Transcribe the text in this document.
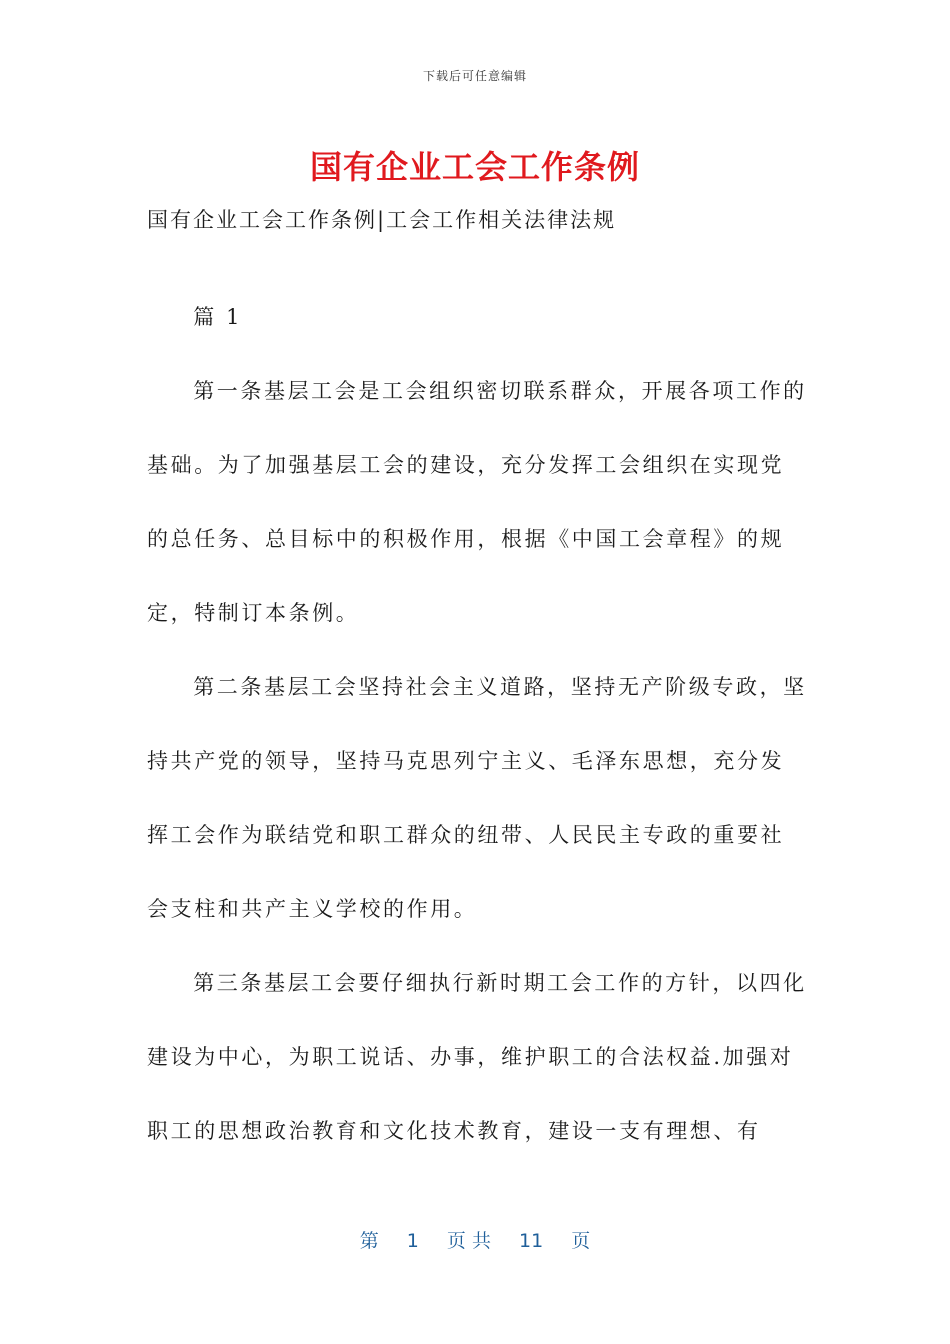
下载后可任意编辑
国有企业工会工作条例

国有企业工会工作条例|工会工作相关法律法规

篇 1

第一条基层工会是工会组织密切联系群众，开展各项工作的基础。为了加强基层工会的建设，充分发挥工会组织在实现党的总任务、总目标中的积极作用，根据《中国工会章程》的规定，特制订本条例。

第二条基层工会坚持社会主义道路，坚持无产阶级专政，坚持共产党的领导，坚持马克思列宁主义、毛泽东思想，充分发挥工会作为联结党和职工群众的纽带、人民民主专政的重要社会支柱和共产主义学校的作用。

第三条基层工会要仔细执行新时期工会工作的方针，以四化建设为中心，为职工说话、办事，维护职工的合法权益.加强对职工的思想政治教育和文化技术教育，建设一支有理想、有

第 1 页 共 11 页
